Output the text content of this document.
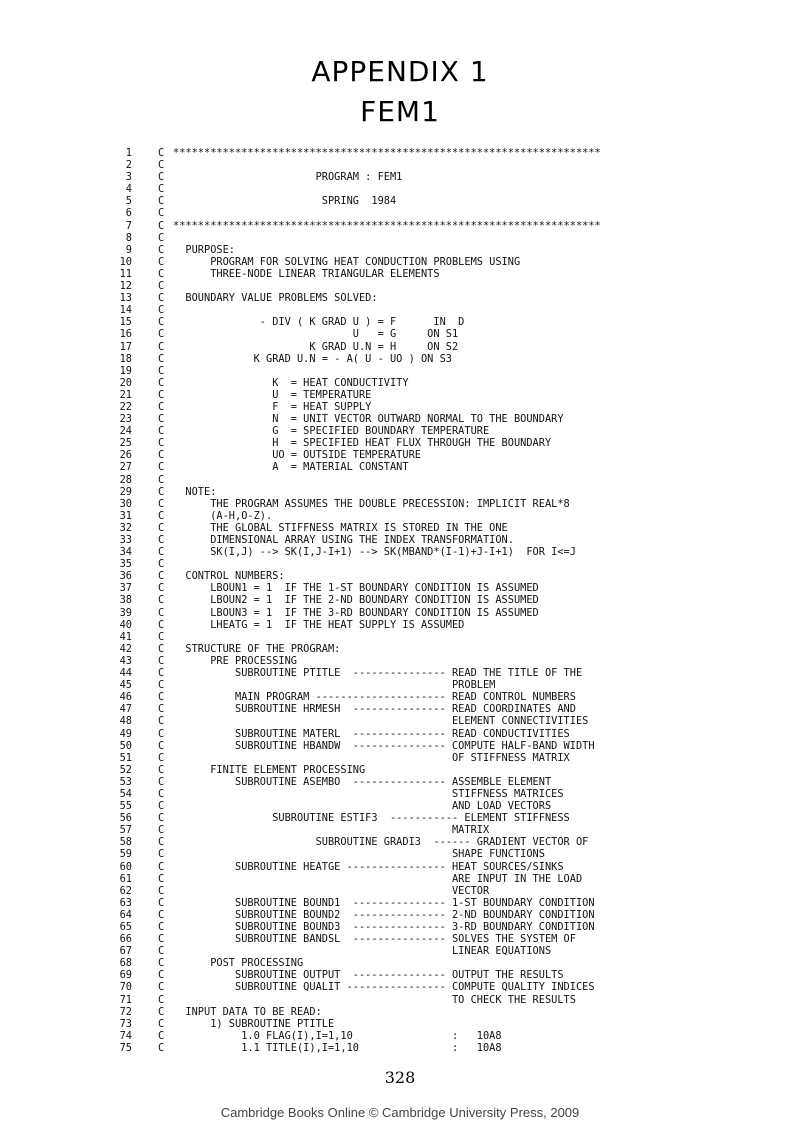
APPENDIX 1
FEM1
1	C *********************************************************************
2	C
3	C PROGRAM : FEM1
4	C
5	C SPRING  1984
6	C
7	C *********************************************************************
8	C
9	C PURPOSE:
10	C PROGRAM FOR SOLVING HEAT CONDUCTION PROBLEMS USING
11	C THREE-NODE LINEAR TRIANGULAR ELEMENTS
12	C
13	C BOUNDARY VALUE PROBLEMS SOLVED:
14	C
15	C - DIV ( K GRAD U ) = F      IN  D
16	C U   = G     ON S1
17	C K GRAD U.N = H     ON S2
18	C K GRAD U.N = - A( U - UO ) ON S3
19	C
20	C K  = HEAT CONDUCTIVITY
21	C U  = TEMPERATURE
22	C F  = HEAT SUPPLY
23	C N  = UNIT VECTOR OUTWARD NORMAL TO THE BOUNDARY
24	C G  = SPECIFIED BOUNDARY TEMPERATURE
25	C H  = SPECIFIED HEAT FLUX THROUGH THE BOUNDARY
26	C UO = OUTSIDE TEMPERATURE
27	C A  = MATERIAL CONSTANT
28	C
29	C NOTE:
30	C THE PROGRAM ASSUMES THE DOUBLE PRECESSION: IMPLICIT REAL*8
31	C (A-H,O-Z).
32	C THE GLOBAL STIFFNESS MATRIX IS STORED IN THE ONE
33	C DIMENSIONAL ARRAY USING THE INDEX TRANSFORMATION.
34	C SK(I,J) --> SK(I,J-I+1) --> SK(MBAND*(I-1)+J-I+1)  FOR I<=J
35	C
36	C CONTROL NUMBERS:
37	C LBOUN1 = 1  IF THE 1-ST BOUNDARY CONDITION IS ASSUMED
38	C LBOUN2 = 1  IF THE 2-ND BOUNDARY CONDITION IS ASSUMED
39	C LBOUN3 = 1  IF THE 3-RD BOUNDARY CONDITION IS ASSUMED
40	C LHEATG = 1  IF THE HEAT SUPPLY IS ASSUMED
41	C
42	C STRUCTURE OF THE PROGRAM:
43	C PRE PROCESSING
44	C SUBROUTINE PTITLE  --------------- READ THE TITLE OF THE
45	C PROBLEM
46	C MAIN PROGRAM --------------------- READ CONTROL NUMBERS
47	C SUBROUTINE HRMESH  --------------- READ COORDINATES AND
48	C ELEMENT CONNECTIVITIES
49	C SUBROUTINE MATERL  --------------- READ CONDUCTIVITIES
50	C SUBROUTINE HBANDW  --------------- COMPUTE HALF-BAND WIDTH
51	C OF STIFFNESS MATRIX
52	C FINITE ELEMENT PROCESSING
53	C SUBROUTINE ASEMBO  --------------- ASSEMBLE ELEMENT
54	C STIFFNESS MATRICES
55	C AND LOAD VECTORS
56	C SUBROUTINE ESTIF3  ----------- ELEMENT STIFFNESS
57	C MATRIX
58	C SUBROUTINE GRADI3  ------ GRADIENT VECTOR OF
59	C SHAPE FUNCTIONS
60	C SUBROUTINE HEATGE ---------------- HEAT SOURCES/SINKS
61	C ARE INPUT IN THE LOAD
62	C VECTOR
63	C SUBROUTINE BOUND1  --------------- 1-ST BOUNDARY CONDITION
64	C SUBROUTINE BOUND2  --------------- 2-ND BOUNDARY CONDITION
65	C SUBROUTINE BOUND3  --------------- 3-RD BOUNDARY CONDITION
66	C SUBROUTINE BANDSL  --------------- SOLVES THE SYSTEM OF
67	C LINEAR EQUATIONS
68	C POST PROCESSING
69	C SUBROUTINE OUTPUT  --------------- OUTPUT THE RESULTS
70	C SUBROUTINE QUALIT ---------------- COMPUTE QUALITY INDICES
71	C TO CHECK THE RESULTS
72	C INPUT DATA TO BE READ:
73	C 1) SUBROUTINE PTITLE
74	C 1.0 FLAG(I),I=1,10                :   10A8
75	C 1.1 TITLE(I),I=1,10               :   10A8
328
Cambridge Books Online © Cambridge University Press, 2009
